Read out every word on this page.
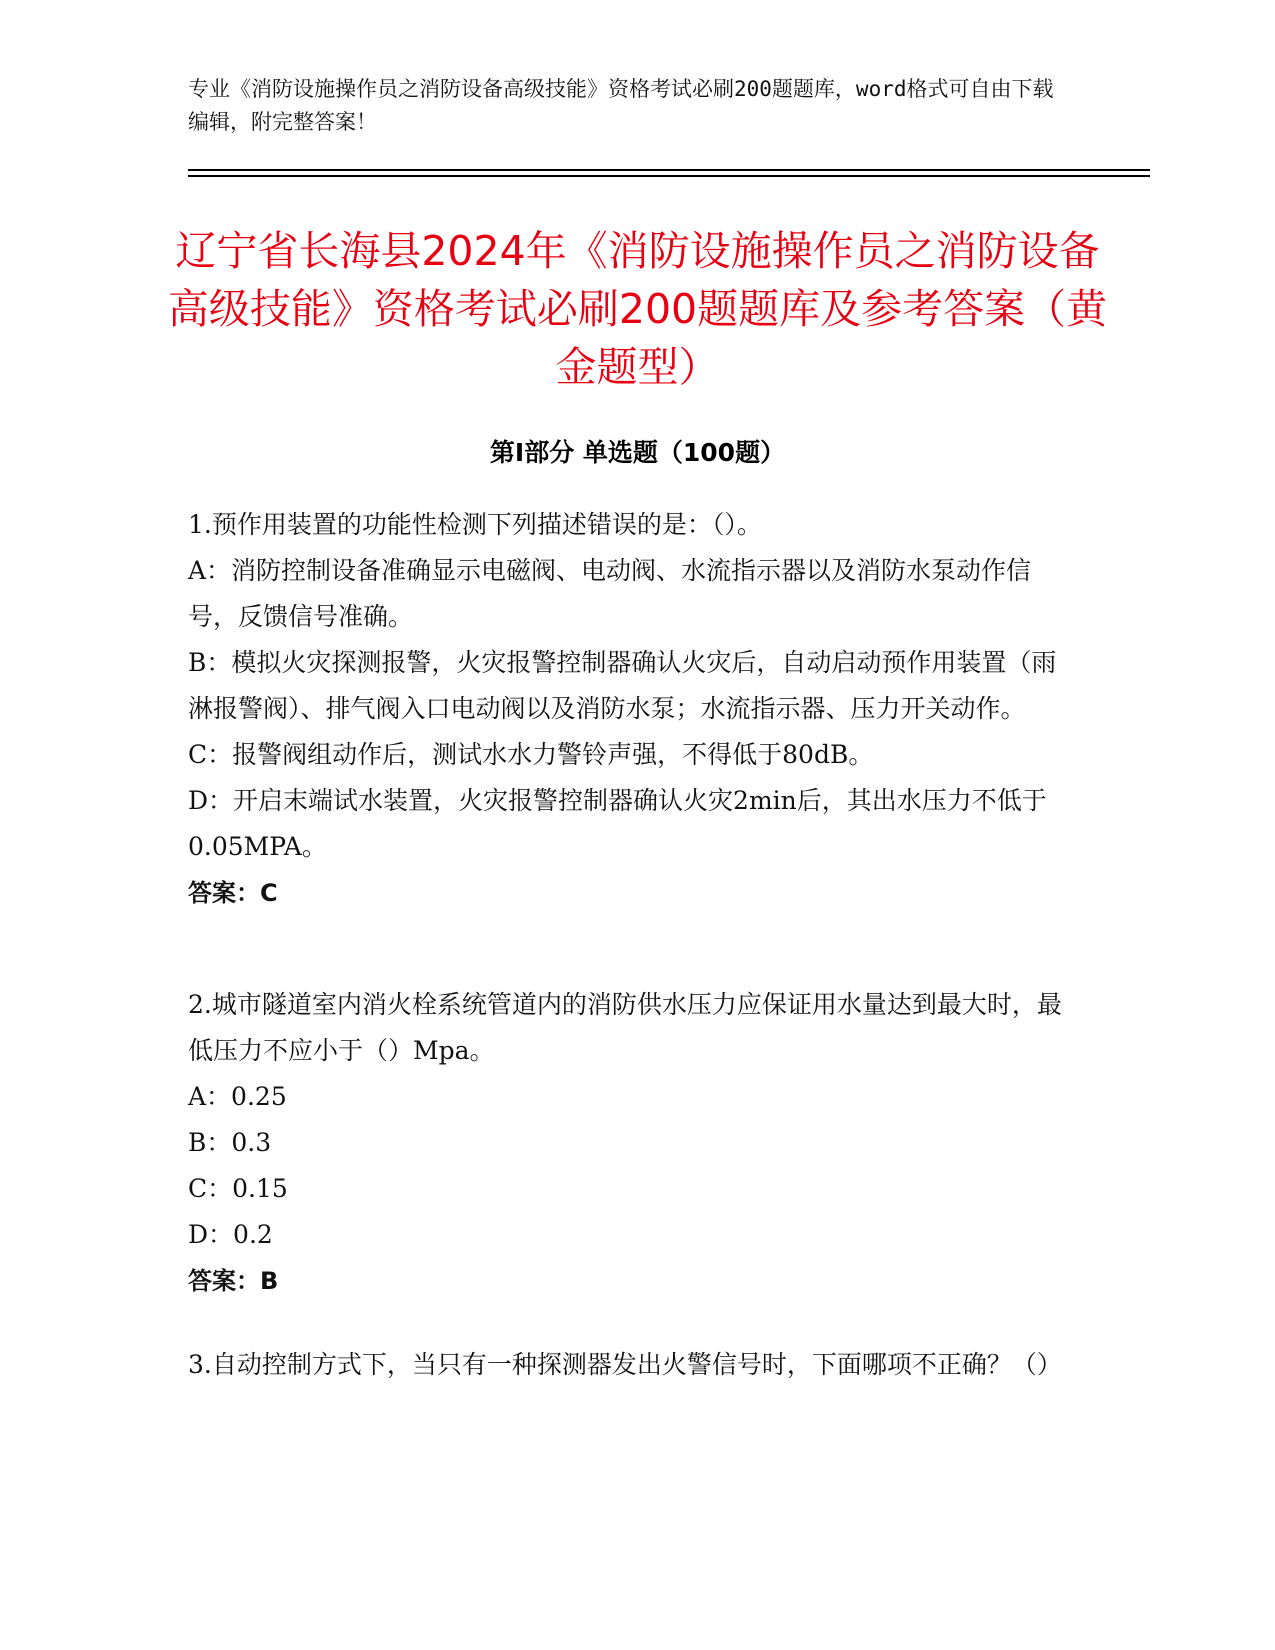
专业《消防设施操作员之消防设备高级技能》资格考试必刷200题题库，word格式可自由下载编辑，附完整答案！
辽宁省长海县2024年《消防设施操作员之消防设备高级技能》资格考试必刷200题题库及参考答案（黄金题型）
第I部分 单选题（100题）

1.预作用装置的功能性检测下列描述错误的是：（）。

A：消防控制设备准确显示电磁阀、电动阀、水流指示器以及消防水泵动作信号，反馈信号准确。

B：模拟火灾探测报警，火灾报警控制器确认火灾后，自动启动预作用装置（雨淋报警阀）、排气阀入口电动阀以及消防水泵；水流指示器、压力开关动作。

C：报警阀组动作后，测试水水力警铃声强，不得低于80dB。

D：开启末端试水装置，火灾报警控制器确认火灾2min后，其出水压力不低于0.05MPA。

答案：C

2.城市隧道室内消火栓系统管道内的消防供水压力应保证用水量达到最大时，最低压力不应小于（）Mpa。

A：0.25

B：0.3

C：0.15

D：0.2

答案：B

3.自动控制方式下，当只有一种探测器发出火警信号时，下面哪项不正确？（）
